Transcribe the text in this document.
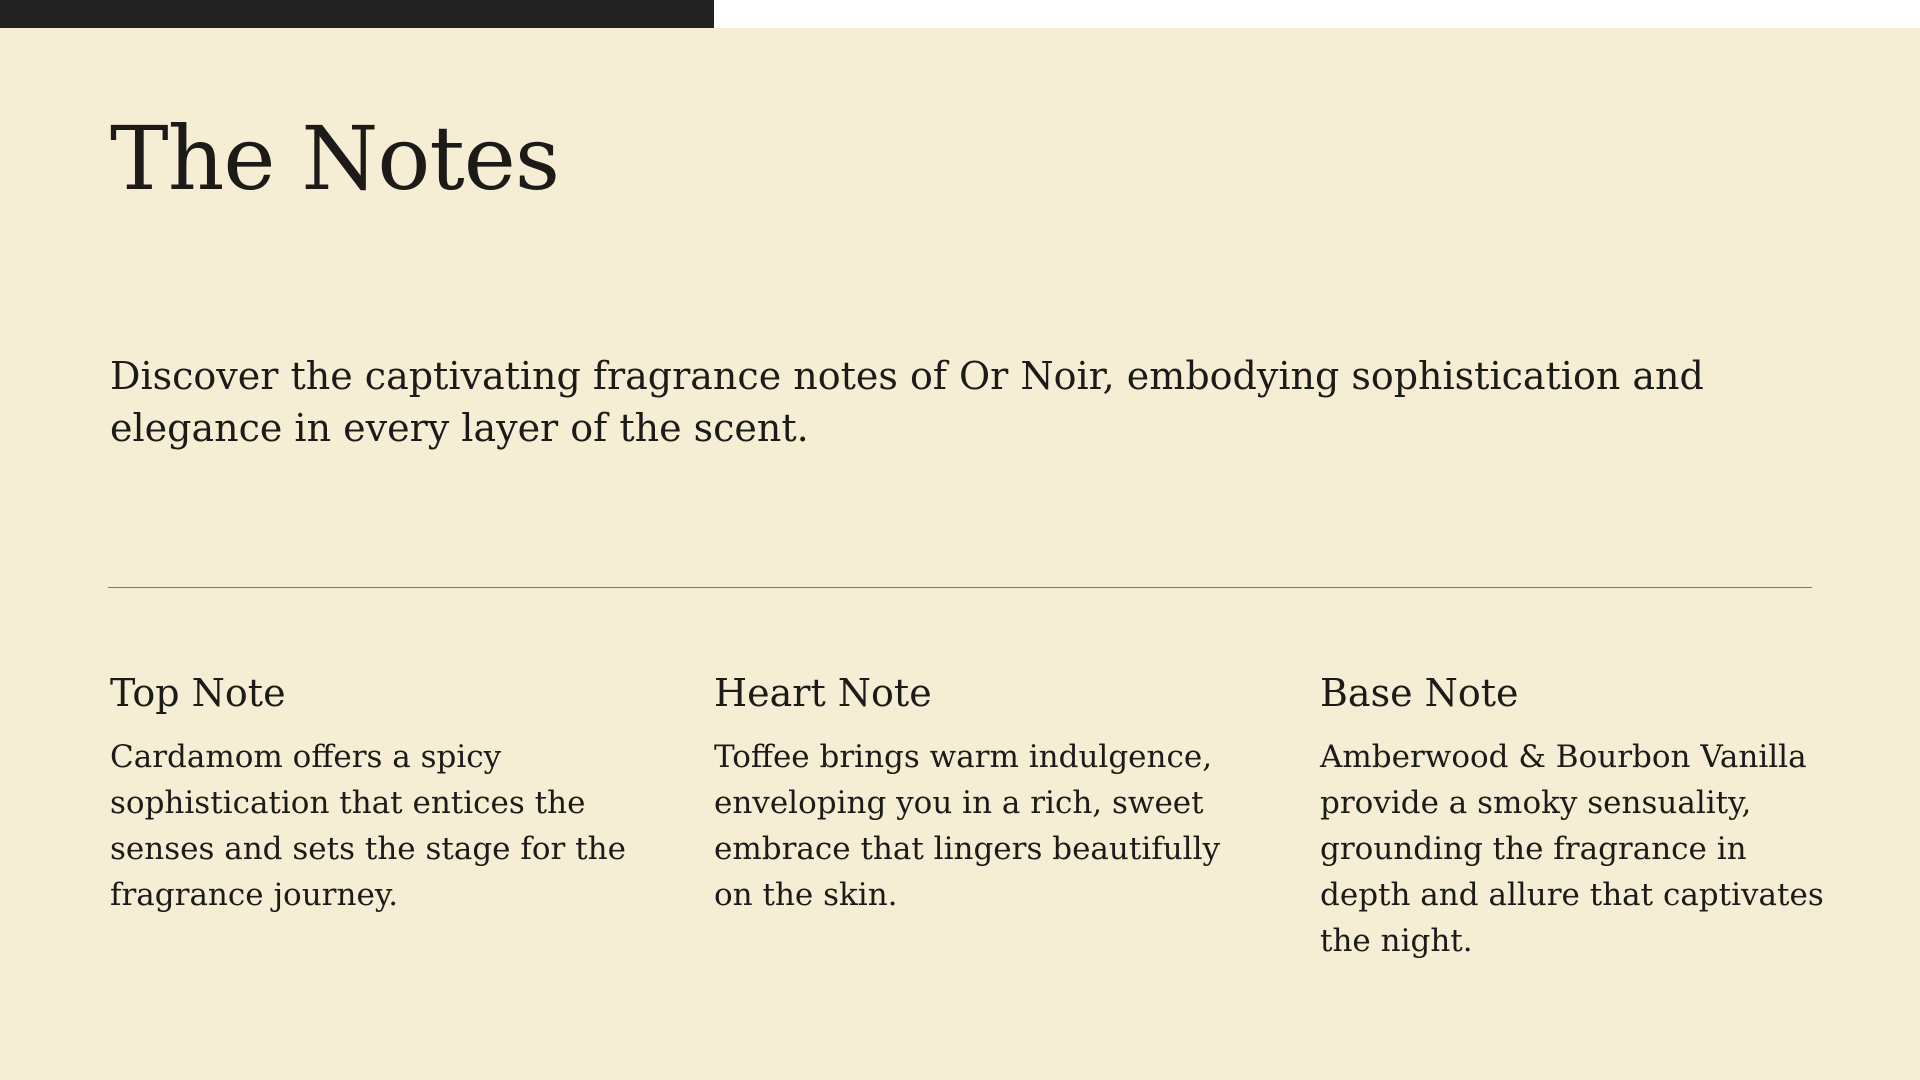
The Notes

Discover the captivating fragrance notes of Or Noir, embodying sophistication and elegance in every layer of the scent.

Top Note

Cardamom offers a spicy sophistication that entices the senses and sets the stage for the fragrance journey.

Heart Note

Toffee brings warm indulgence, enveloping you in a rich, sweet embrace that lingers beautifully on the skin.

Base Note

Amberwood & Bourbon Vanilla provide a smoky sensuality, grounding the fragrance in depth and allure that captivates the night.
